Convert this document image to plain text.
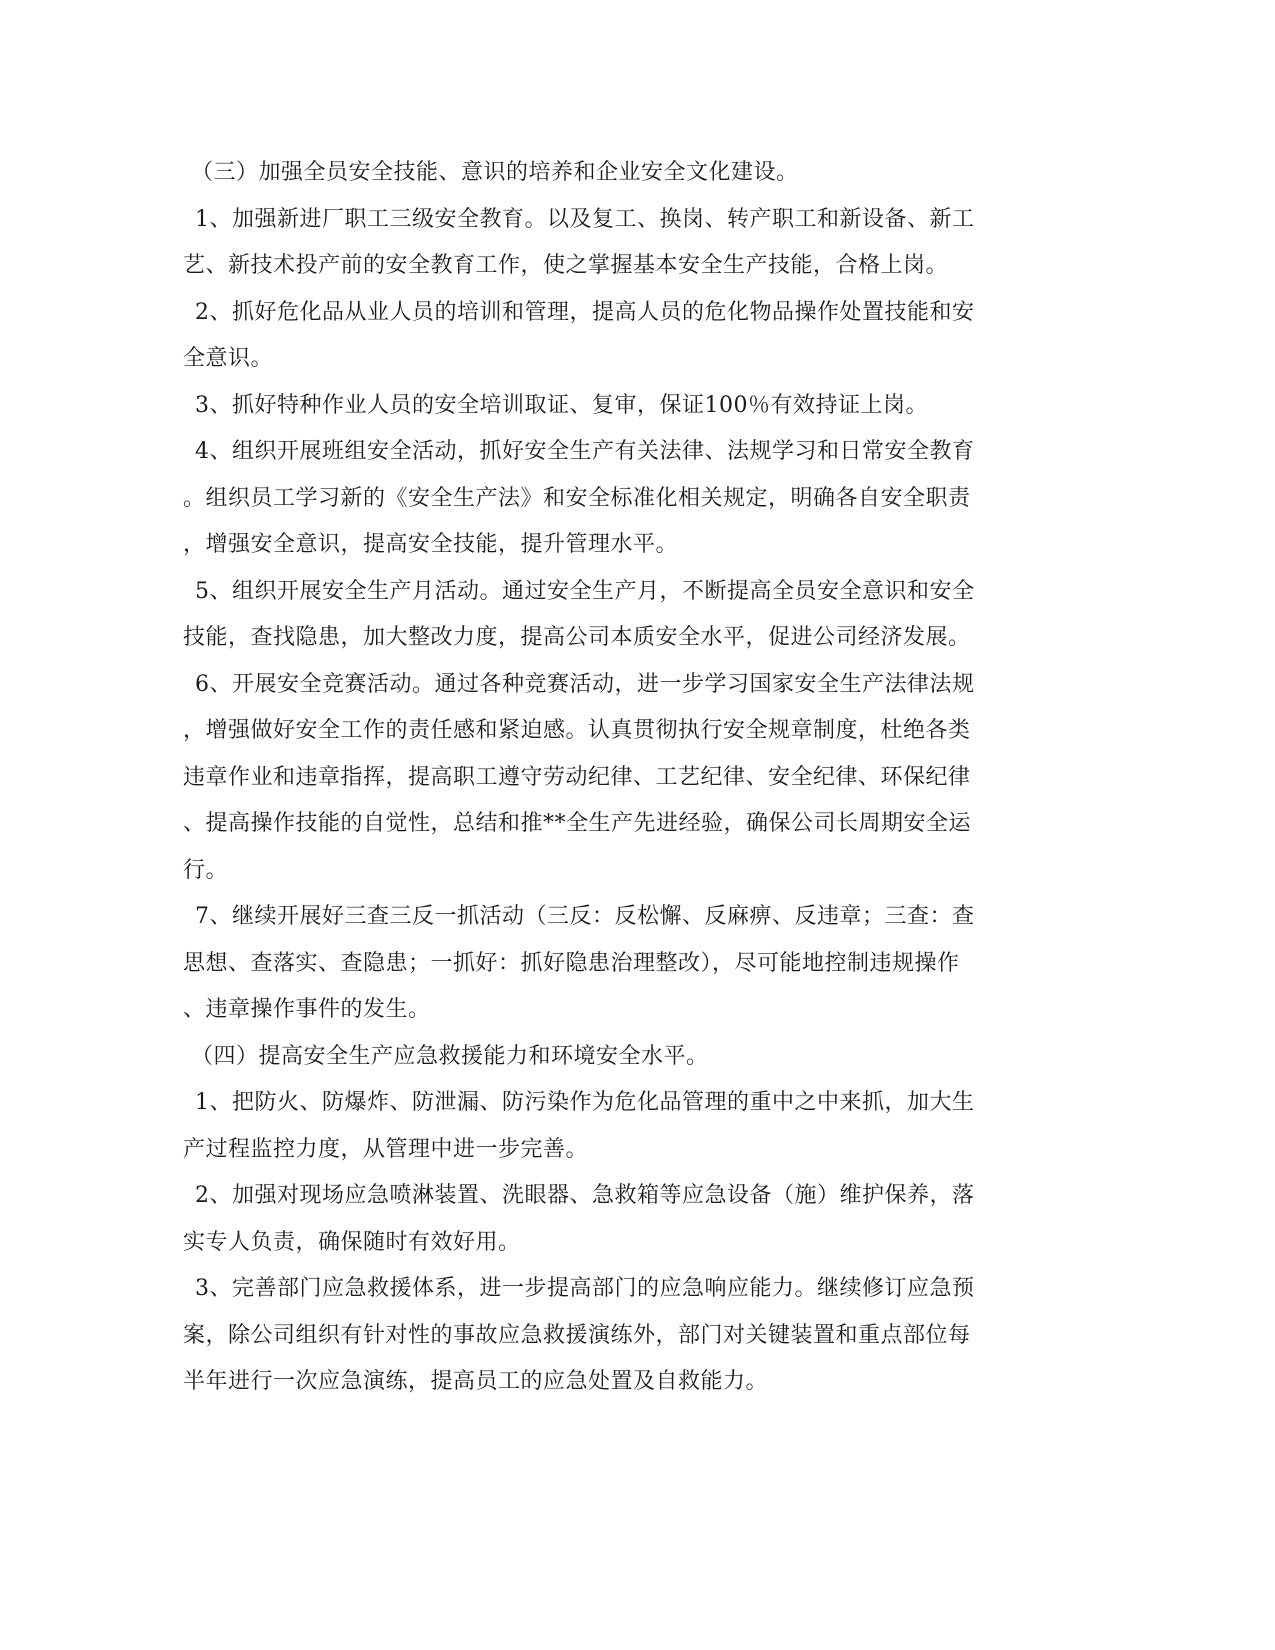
（三）加强全员安全技能、意识的培养和企业安全文化建设。
1、加强新进厂职工三级安全教育。以及复工、换岗、转产职工和新设备、新工
艺、新技术投产前的安全教育工作，使之掌握基本安全生产技能，合格上岗。
2、抓好危化品从业人员的培训和管理，提高人员的危化物品操作处置技能和安
全意识。
3、抓好特种作业人员的安全培训取证、复审，保证100％有效持证上岗。
4、组织开展班组安全活动，抓好安全生产有关法律、法规学习和日常安全教育
。组织员工学习新的《安全生产法》和安全标准化相关规定，明确各自安全职责
，增强安全意识，提高安全技能，提升管理水平。
5、组织开展安全生产月活动。通过安全生产月，不断提高全员安全意识和安全
技能，查找隐患，加大整改力度，提高公司本质安全水平，促进公司经济发展。
6、开展安全竞赛活动。通过各种竞赛活动，进一步学习国家安全生产法律法规
，增强做好安全工作的责任感和紧迫感。认真贯彻执行安全规章制度，杜绝各类
违章作业和违章指挥，提高职工遵守劳动纪律、工艺纪律、安全纪律、环保纪律
、提高操作技能的自觉性，总结和推**全生产先进经验，确保公司长周期安全运
行。
7、继续开展好三查三反一抓活动（三反：反松懈、反麻痹、反违章；三查：查
思想、查落实、查隐患；一抓好：抓好隐患治理整改），尽可能地控制违规操作
、违章操作事件的发生。
（四）提高安全生产应急救援能力和环境安全水平。
1、把防火、防爆炸、防泄漏、防污染作为危化品管理的重中之中来抓，加大生
产过程监控力度，从管理中进一步完善。
2、加强对现场应急喷淋装置、洗眼器、急救箱等应急设备（施）维护保养，落
实专人负责，确保随时有效好用。
3、完善部门应急救援体系，进一步提高部门的应急响应能力。继续修订应急预
案，除公司组织有针对性的事故应急救援演练外，部门对关键装置和重点部位每
半年进行一次应急演练，提高员工的应急处置及自救能力。
